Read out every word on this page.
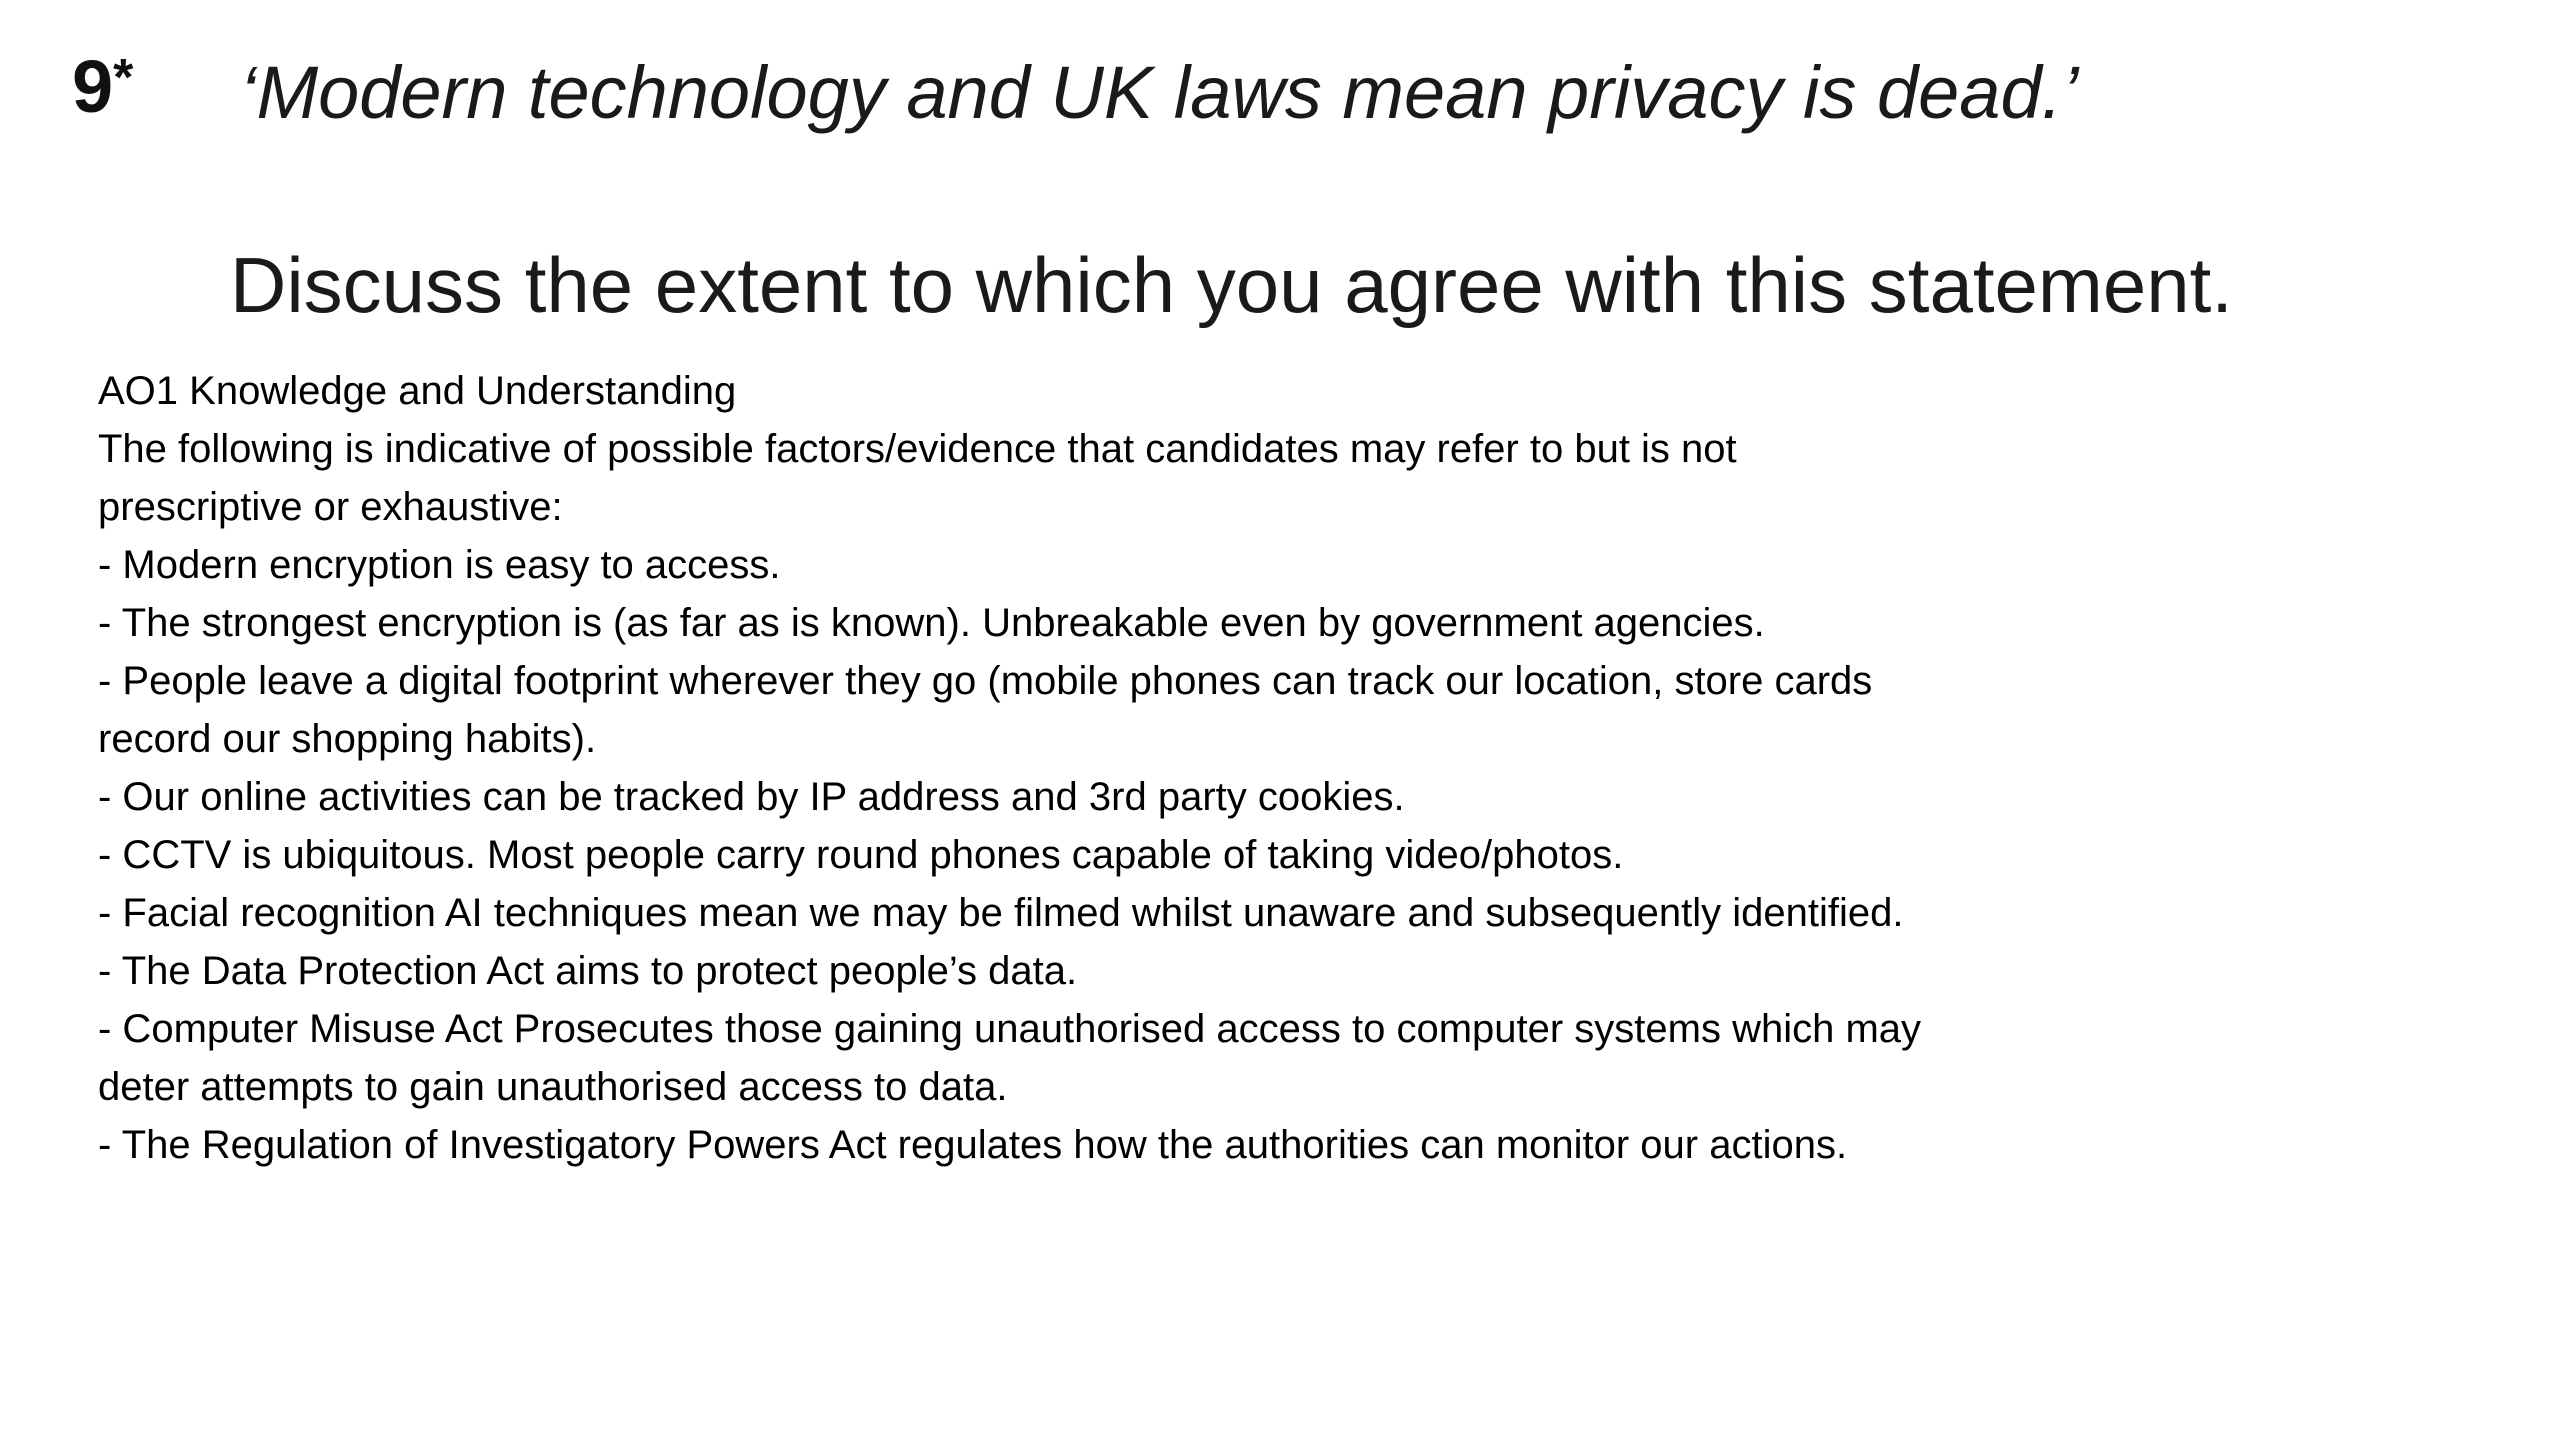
9* ‘Modern technology and UK laws mean privacy is dead.’
Discuss the extent to which you agree with this statement.

AO1 Knowledge and Understanding

The following is indicative of possible factors/evidence that candidates may refer to but is not prescriptive or exhaustive:

- Modern encryption is easy to access.

- The strongest encryption is (as far as is known). Unbreakable even by government agencies.

- People leave a digital footprint wherever they go (mobile phones can track our location, store cards record our shopping habits).

- Our online activities can be tracked by IP address and 3rd party cookies.

- CCTV is ubiquitous. Most people carry round phones capable of taking video/photos.

- Facial recognition AI techniques mean we may be filmed whilst unaware and subsequently identified.

- The Data Protection Act aims to protect people’s data.

- Computer Misuse Act Prosecutes those gaining unauthorised access to computer systems which may deter attempts to gain unauthorised access to data.

- The Regulation of Investigatory Powers Act regulates how the authorities can monitor our actions.
